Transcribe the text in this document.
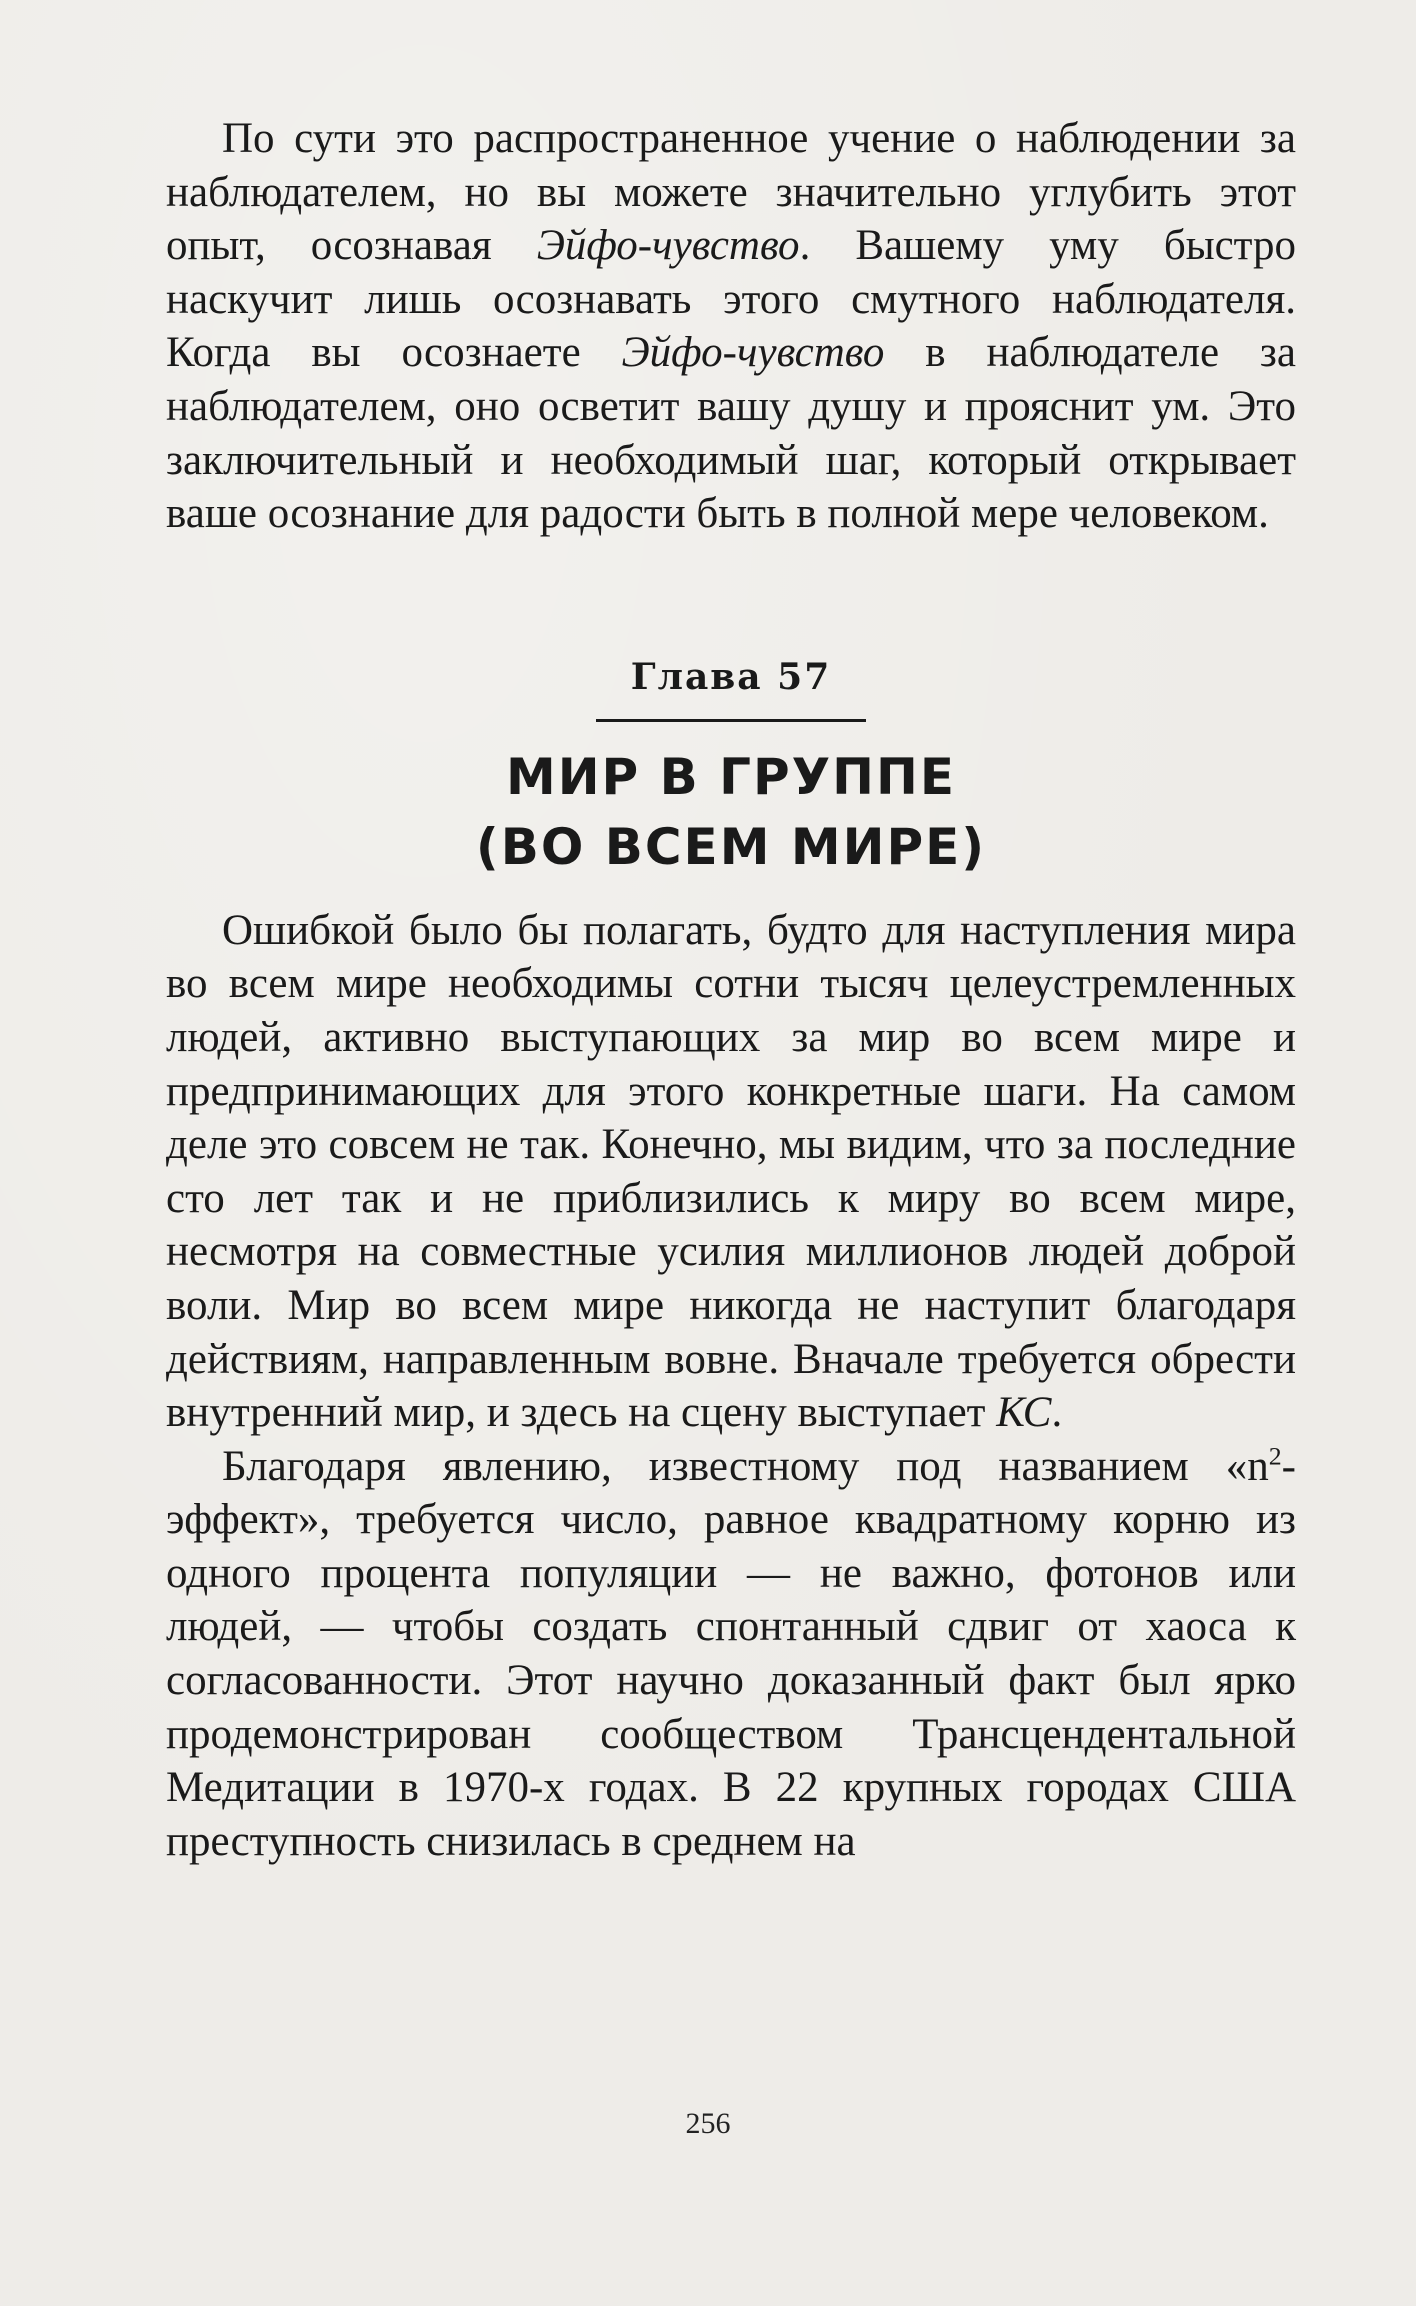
По сути это распространенное учение о наблюдении за наблюдателем, но вы можете значительно углубить этот опыт, осознавая Эйфо-чувство. Вашему уму быстро наскучит лишь осознавать этого смутного наблюдателя. Когда вы осознаете Эйфо-чувство в наблюдателе за наблюдателем, оно осветит вашу душу и прояснит ум. Это заключительный и необходимый шаг, который открывает ваше осознание для радости быть в полной мере человеком.

Глава 57
МИР В ГРУППЕ
(ВО ВСЕМ МИРЕ)

Ошибкой было бы полагать, будто для наступления мира во всем мире необходимы сотни тысяч целеустремленных людей, активно выступающих за мир во всем мире и предпринимающих для этого конкретные шаги. На самом деле это совсем не так. Конечно, мы видим, что за последние сто лет так и не приблизились к миру во всем мире, несмотря на совместные усилия миллионов людей доброй воли. Мир во всем мире никогда не наступит благодаря действиям, направленным вовне. Вначале требуется обрести внутренний мир, и здесь на сцену выступает КС.

Благодаря явлению, известному под названием «$n^2$-эффект», требуется число, равное квадратному корню из одного процента популяции — не важно, фотонов или людей, — чтобы создать спонтанный сдвиг от хаоса к согласованности. Этот научно доказанный факт был ярко продемонстрирован сообществом Трансцендентальной Медитации в 1970-х годах. В 22 крупных городах США преступность снизилась в среднем на

256
